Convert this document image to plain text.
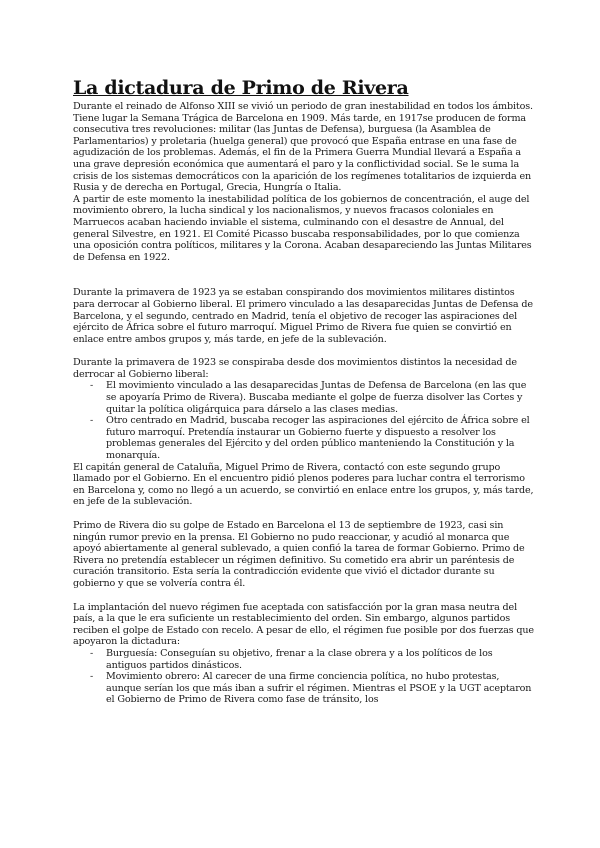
La dictadura de Primo de Rivera

Durante el reinado de Alfonso XIII se vivió un periodo de gran inestabilidad en todos los ámbitos. Tiene lugar la Semana Trágica de Barcelona en 1909. Más tarde, en 1917se producen de forma consecutiva tres revoluciones: militar (las Juntas de Defensa), burguesa (la Asamblea de Parlamentarios) y proletaria (huelga general) que provocó que España entrase en una fase de agudización de los problemas. Además, el fin de la Primera Guerra Mundial llevará a España a una grave depresión económica que aumentará el paro y la conflictividad social. Se le suma la crisis de los sistemas democráticos con la aparición de los regímenes totalitarios de izquierda en Rusia y de derecha en Portugal, Grecia, Hungría o Italia.

A partir de este momento la inestabilidad política de los gobiernos de concentración, el auge del movimiento obrero, la lucha sindical y los nacionalismos, y nuevos fracasos coloniales en Marruecos acaban haciendo inviable el sistema, culminando con el desastre de Annual, del general Silvestre, en 1921. El Comité Picasso buscaba responsabilidades, por lo que comienza una oposición contra políticos, militares y la Corona. Acaban desapareciendo las Juntas Militares de Defensa en 1922.

Durante la primavera de 1923 ya se estaban conspirando dos movimientos militares distintos para derrocar al Gobierno liberal. El primero vinculado a las desaparecidas Juntas de Defensa de Barcelona, y el segundo, centrado en Madrid, tenía el objetivo de recoger las aspiraciones del ejército de África sobre el futuro marroquí. Miguel Primo de Rivera fue quien se convirtió en enlace entre ambos grupos y, más tarde, en jefe de la sublevación.

Durante la primavera de 1923 se conspiraba desde dos movimientos distintos la necesidad de derrocar al Gobierno liberal:

- El movimiento vinculado a las desaparecidas Juntas de Defensa de Barcelona (en las que se apoyaría Primo de Rivera). Buscaba mediante el golpe de fuerza disolver las Cortes y quitar la política oligárquica para dárselo a las clases medias.
- Otro centrado en Madrid, buscaba recoger las aspiraciones del ejército de África sobre el futuro marroquí. Pretendía instaurar un Gobierno fuerte y dispuesto a resolver los problemas generales del Ejército y del orden público manteniendo la Constitución y la monarquía.

El capitán general de Cataluña, Miguel Primo de Rivera, contactó con este segundo grupo llamado por el Gobierno. En el encuentro pidió plenos poderes para luchar contra el terrorismo en Barcelona y, como no llegó a un acuerdo, se convirtió en enlace entre los grupos, y, más tarde, en jefe de la sublevación.

Primo de Rivera dio su golpe de Estado en Barcelona el 13 de septiembre de 1923, casi sin ningún rumor previo en la prensa. El Gobierno no pudo reaccionar, y acudió al monarca que apoyó abiertamente al general sublevado, a quien confió la tarea de formar Gobierno. Primo de Rivera no pretendía establecer un régimen definitivo. Su cometido era abrir un paréntesis de curación transitorio. Esta sería la contradicción evidente que vivió el dictador durante su gobierno y que se volvería contra él.

La implantación del nuevo régimen fue aceptada con satisfacción por la gran masa neutra del país, a la que le era suficiente un restablecimiento del orden. Sin embargo, algunos partidos reciben el golpe de Estado con recelo. A pesar de ello, el régimen fue posible por dos fuerzas que apoyaron la dictadura:

- Burguesía: Conseguían su objetivo, frenar a la clase obrera y a los políticos de los antiguos partidos dinásticos.
- Movimiento obrero: Al carecer de una firme conciencia política, no hubo protestas, aunque serían los que más iban a sufrir el régimen. Mientras el PSOE y la UGT aceptaron el Gobierno de Primo de Rivera como fase de tránsito, los
